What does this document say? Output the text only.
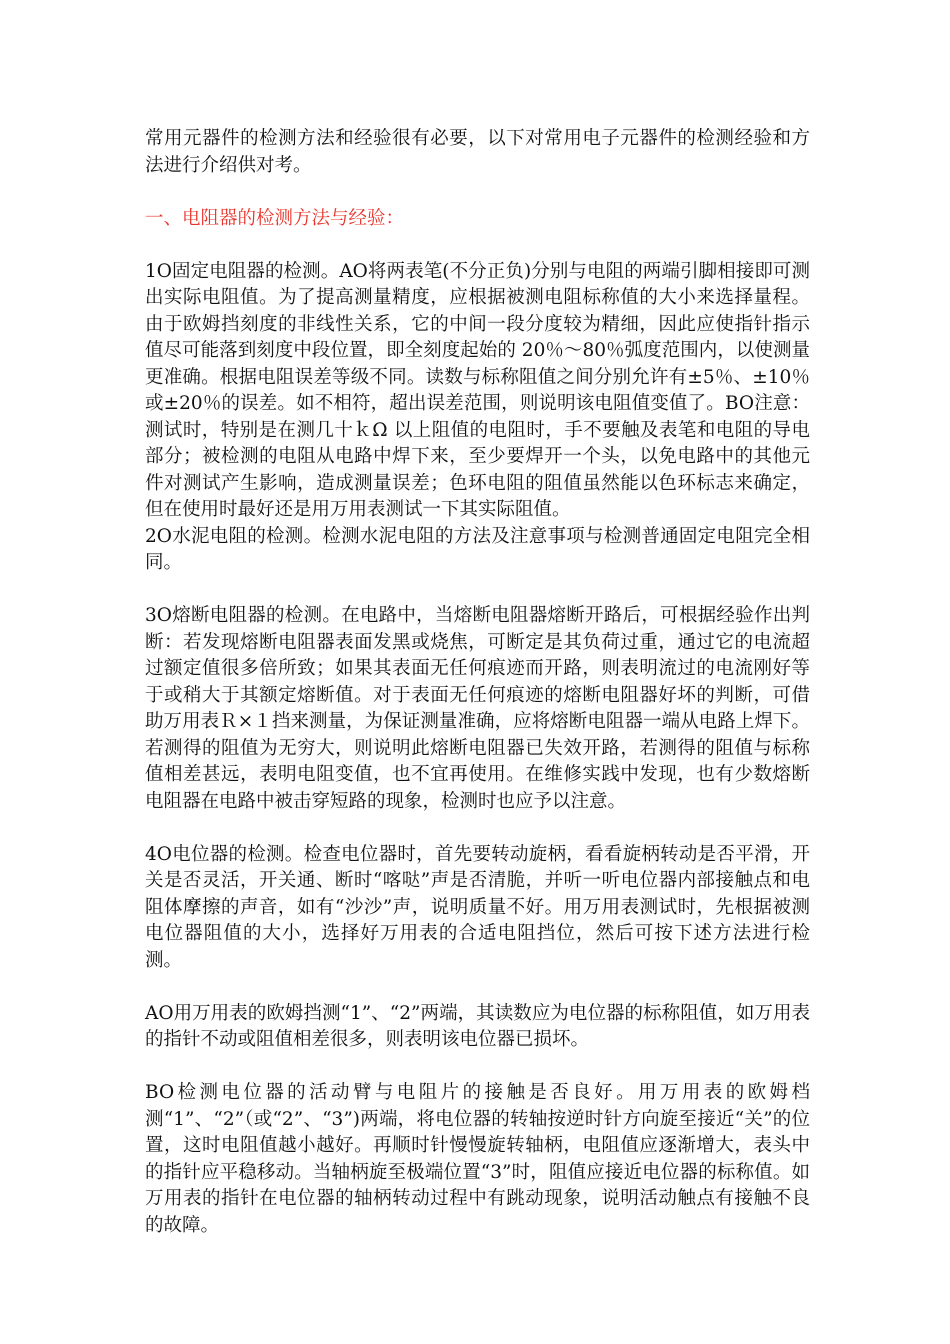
常用元器件的检测方法和经验很有必要，以下对常用电子元器件的检测经验和方法进行介绍供对考。

一、电阻器的检测方法与经验：

1O固定电阻器的检测。AO将两表笔(不分正负)分别与电阻的两端引脚相接即可测出实际电阻值。为了提高测量精度，应根据被测电阻标称值的大小来选择量程。由于欧姆挡刻度的非线性关系，它的中间一段分度较为精细，因此应使指针指示值尽可能落到刻度中段位置，即全刻度起始的 20％～80％弧度范围内，以使测量更准确。根据电阻误差等级不同。读数与标称阻值之间分别允许有±5％、±10％或±20％的误差。如不相符，超出误差范围，则说明该电阻值变值了。BO注意：测试时，特别是在测几十ｋΩ 以上阻值的电阻时，手不要触及表笔和电阻的导电部分；被检测的电阻从电路中焊下来，至少要焊开一个头，以免电路中的其他元件对测试产生影响，造成测量误差；色环电阻的阻值虽然能以色环标志来确定，但在使用时最好还是用万用表测试一下其实际阻值。

2O水泥电阻的检测。检测水泥电阻的方法及注意事项与检测普通固定电阻完全相同。

3O熔断电阻器的检测。在电路中，当熔断电阻器熔断开路后，可根据经验作出判断：若发现熔断电阻器表面发黑或烧焦，可断定是其负荷过重，通过它的电流超过额定值很多倍所致；如果其表面无任何痕迹而开路，则表明流过的电流刚好等于或稍大于其额定熔断值。对于表面无任何痕迹的熔断电阻器好坏的判断，可借助万用表Ｒ×１挡来测量，为保证测量准确，应将熔断电阻器一端从电路上焊下。若测得的阻值为无穷大，则说明此熔断电阻器已失效开路，若测得的阻值与标称值相差甚远，表明电阻变值，也不宜再使用。在维修实践中发现，也有少数熔断电阻器在电路中被击穿短路的现象，检测时也应予以注意。

4O电位器的检测。检查电位器时，首先要转动旋柄，看看旋柄转动是否平滑，开关是否灵活，开关通、断时“喀哒”声是否清脆，并听一听电位器内部接触点和电阻体摩擦的声音，如有“沙沙”声，说明质量不好。用万用表测试时，先根据被测电位器阻值的大小，选择好万用表的合适电阻挡位，然后可按下述方法进行检测。

AO用万用表的欧姆挡测“1”、“2”两端，其读数应为电位器的标称阻值，如万用表的指针不动或阻值相差很多，则表明该电位器已损坏。

BO检测电位器的活动臂与电阻片的接触是否良好。用万用表的欧姆档测“1”、“2”（或“2”、“3”)两端，将电位器的转轴按逆时针方向旋至接近“关”的位置，这时电阻值越小越好。再顺时针慢慢旋转轴柄，电阻值应逐渐增大，表头中的指针应平稳移动。当轴柄旋至极端位置“3”时，阻值应接近电位器的标称值。如万用表的指针在电位器的轴柄转动过程中有跳动现象，说明活动触点有接触不良的故障。
